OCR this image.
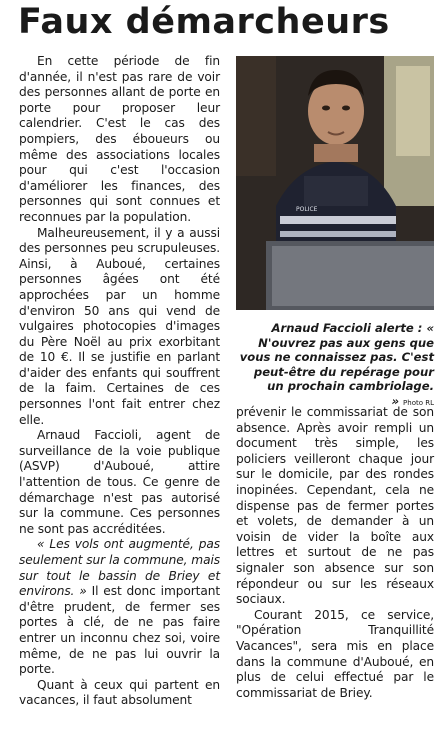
Faux démarcheurs

En cette période de fin d'année, il n'est pas rare de voir des personnes allant de porte en porte pour proposer leur calendrier. C'est le cas des pompiers, des éboueurs ou même des associations locales pour qui c'est l'occasion d'améliorer les finances, des personnes qui sont connues et reconnues par la population.

Malheureusement, il y a aussi des personnes peu scrupuleuses. Ainsi, à Auboué, certaines personnes âgées ont été approchées par un homme d'environ 50 ans qui vend de vulgaires photocopies d'images du Père Noël au prix exorbitant de 10 €. Il se justifie en parlant d'aider des enfants qui souffrent de la faim. Certaines de ces personnes l'ont fait entrer chez elle.

Arnaud Faccioli, agent de surveillance de la voie publique (ASVP) d'Auboué, attire l'attention de tous. Ce genre de démarchage n'est pas autorisé sur la commune. Ces personnes ne sont pas accréditées.

« Les vols ont augmenté, pas seulement sur la commune, mais sur tout le bassin de Briey et environs. » Il est donc important d'être prudent, de fermer ses portes à clé, de ne pas faire entrer un inconnu chez soi, voire même, de ne pas lui ouvrir la porte.

Quant à ceux qui partent en vacances, il faut absolument

POLICE

Arnaud Faccioli alerte : « N'ouvrez pas aux gens que vous ne connaissez pas. C'est peut-être du repérage pour un prochain cambriolage. » Photo RL

prévenir le commissariat de son absence. Après avoir rempli un document très simple, les policiers veilleront chaque jour sur le domicile, par des rondes inopinées. Cependant, cela ne dispense pas de fermer portes et volets, de demander à un voisin de vider la boîte aux lettres et surtout de ne pas signaler son absence sur son répondeur ou sur les réseaux sociaux.

Courant 2015, ce service, "Opération Tranquillité Vacances", sera mis en place dans la commune d'Auboué, en plus de celui effectué par le commissariat de Briey.
